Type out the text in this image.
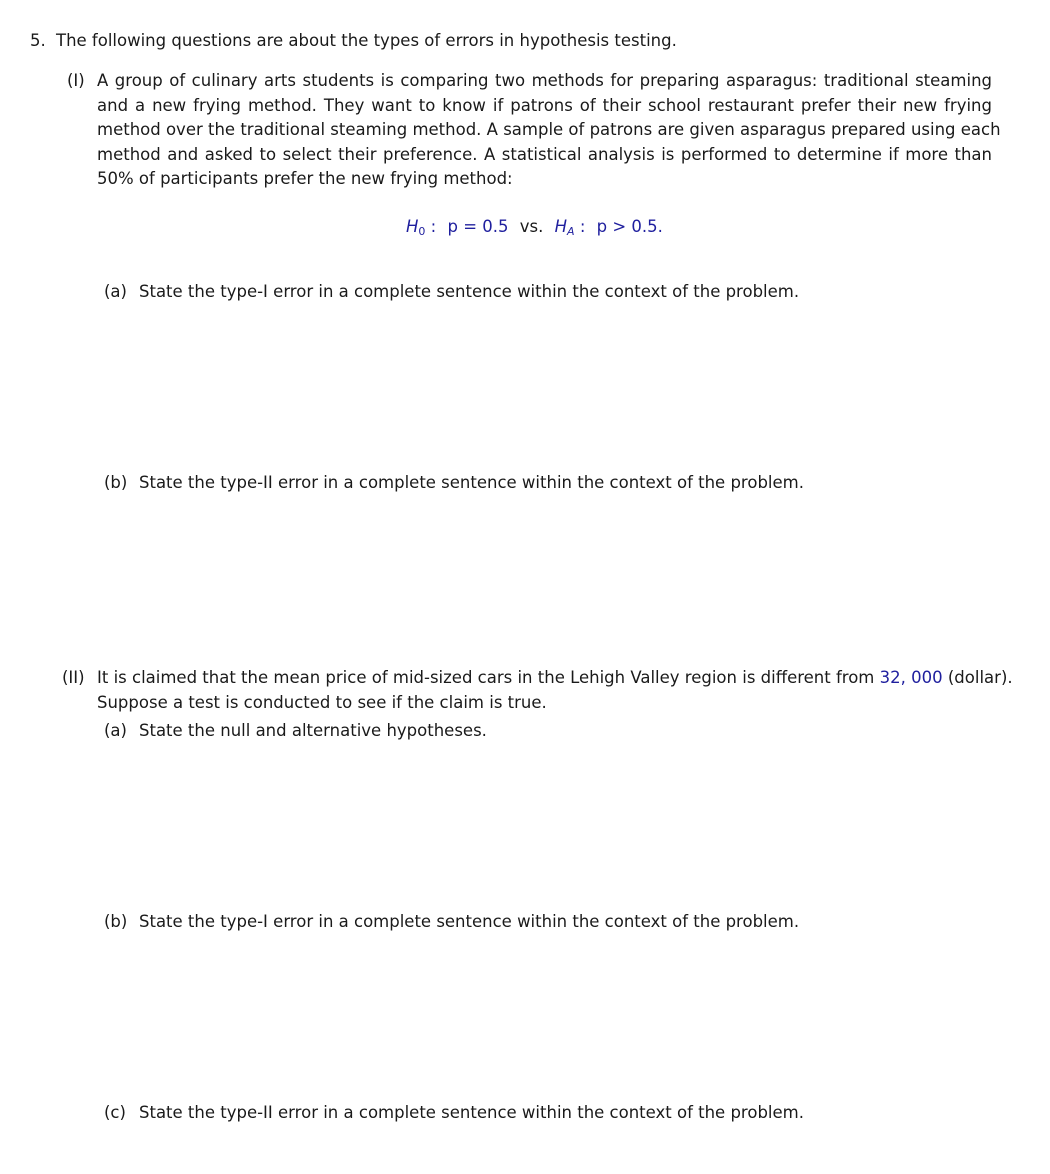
5. The following questions are about the types of errors in hypothesis testing.
(I) A group of culinary arts students is comparing two methods for preparing asparagus: traditional steaming
and a new frying method. They want to know if patrons of their school restaurant prefer their new frying
method over the traditional steaming method. A sample of patrons are given asparagus prepared using each
method and asked to select their preference. A statistical analysis is performed to determine if more than
50% of participants prefer the new frying method:
$H_0$ : p = 0.5 vs. $H_A$ : p > 0.5.
(a) State the type-I error in a complete sentence within the context of the problem.
(b) State the type-II error in a complete sentence within the context of the problem.
(II) It is claimed that the mean price of mid-sized cars in the Lehigh Valley region is different from 32, 000 (dollar).
Suppose a test is conducted to see if the claim is true.
(a) State the null and alternative hypotheses.
(b) State the type-I error in a complete sentence within the context of the problem.
(c) State the type-II error in a complete sentence within the context of the problem.
